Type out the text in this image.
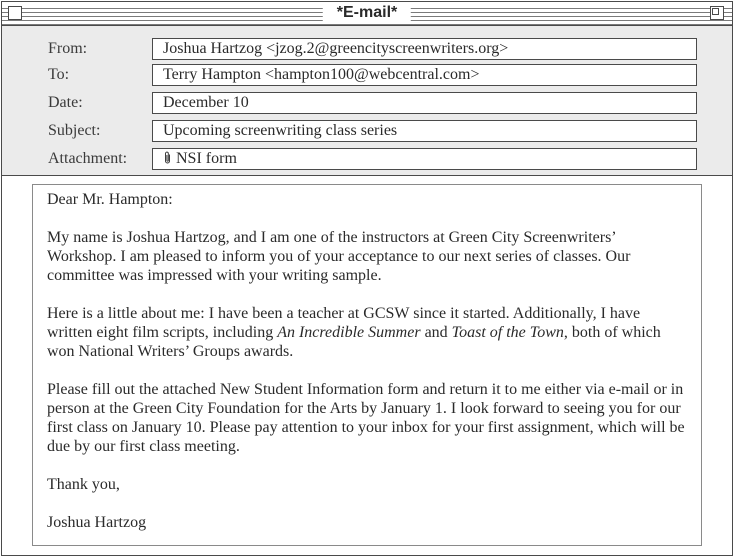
*E-mail*
From:	Joshua Hartzog <jzog.2@greencityscreenwriters.org>
To:	Terry Hampton <hampton100@webcentral.com>
Date:	December 10
Subject:	Upcoming screenwriting class series
Attachment:	NSI form

Dear Mr. Hampton:

My name is Joshua Hartzog, and I am one of the instructors at Green City Screenwriters’ Workshop. I am pleased to inform you of your acceptance to our next series of classes. Our committee was impressed with your writing sample.

Here is a little about me: I have been a teacher at GCSW since it started. Additionally, I have written eight film scripts, including An Incredible Summer and Toast of the Town, both of which won National Writers’ Groups awards.

Please fill out the attached New Student Information form and return it to me either via e-mail or in person at the Green City Foundation for the Arts by January 1. I look forward to seeing you for our first class on January 10. Please pay attention to your inbox for your first assignment, which will be due by our first class meeting.

Thank you,

Joshua Hartzog
